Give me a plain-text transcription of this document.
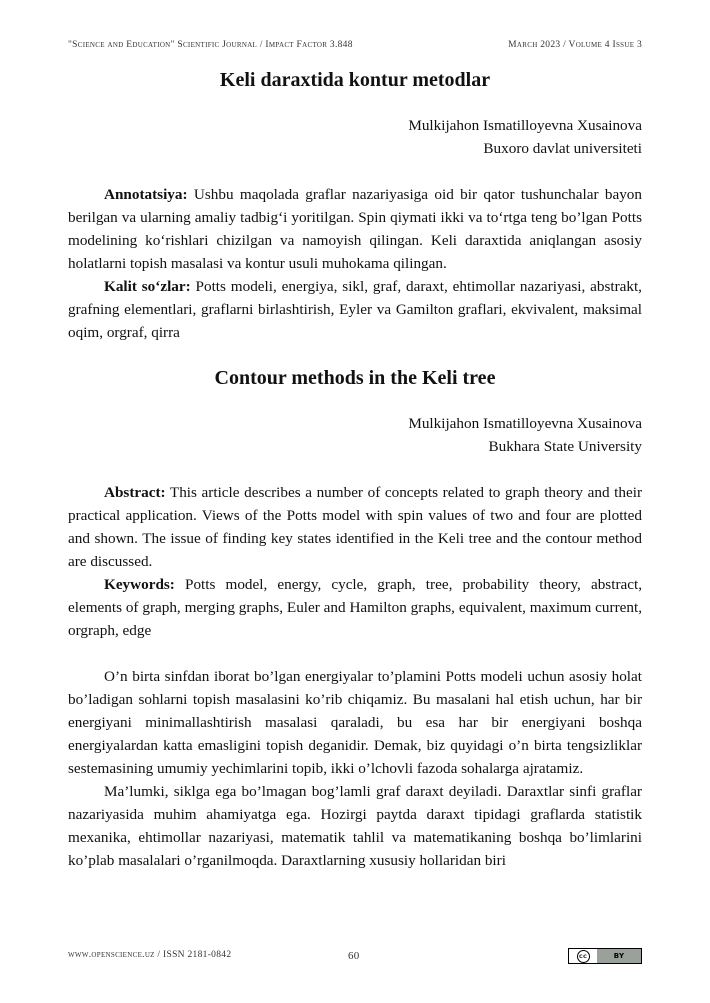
"Science and Education" Scientific Journal / Impact Factor 3.848	March 2023 / Volume 4 Issue 3
Keli daraxtida kontur metodlar
Mulkijahon Ismatilloyevna Xusainova
Buxoro davlat universiteti

Annotatsiya: Ushbu maqolada graflar nazariyasiga oid bir qator tushunchalar bayon berilgan va ularning amaliy tadbig‘i yoritilgan. Spin qiymati ikki va to‘rtga teng bo’lgan Potts modelining ko‘rishlari chizilgan va namoyish qilingan. Keli daraxtida aniqlangan asosiy holatlarni topish masalasi va kontur usuli muhokama qilingan.

Kalit so‘zlar: Potts modeli, energiya, sikl, graf, daraxt, ehtimollar nazariyasi, abstrakt, grafning elementlari, graflarni birlashtirish, Eyler va Gamilton graflari, ekvivalent, maksimal oqim, orgraf, qirra

Contour methods in the Keli tree
Mulkijahon Ismatilloyevna Xusainova
Bukhara State University

Abstract: This article describes a number of concepts related to graph theory and their practical application. Views of the Potts model with spin values of two and four are plotted and shown. The issue of finding key states identified in the Keli tree and the contour method are discussed.

Keywords: Potts model, energy, cycle, graph, tree, probability theory, abstract, elements of graph, merging graphs, Euler and Hamilton graphs, equivalent, maximum current, orgraph, edge

O’n birta sinfdan iborat bo’lgan energiyalar to’plamini Potts modeli uchun asosiy holat bo’ladigan sohlarni topish masalasini ko’rib chiqamiz. Bu masalani hal etish uchun, har bir energiyani minimallashtirish masalasi qaraladi, bu esa har bir energiyani boshqa energiyalardan katta emasligini topish deganidir. Demak, biz quyidagi o’n birta tengsizliklar sestemasining umumiy yechimlarini topib, ikki o’lchovli fazoda sohalarga ajratamiz.

Ma’lumki, siklga ega bo’lmagan bog’lamli graf daraxt deyiladi. Daraxtlar sinfi graflar nazariyasida muhim ahamiyatga ega. Hozirgi paytda daraxt tipidagi graflarda statistik mexanika, ehtimollar nazariyasi, matematik tahlil va matematikaning boshqa bo’limlarini ko’plab masalalari o’rganilmoqda. Daraxtlarning xususiy hollaridan biri

www.openscience.uz / ISSN 2181-0842	60	cc	BY
